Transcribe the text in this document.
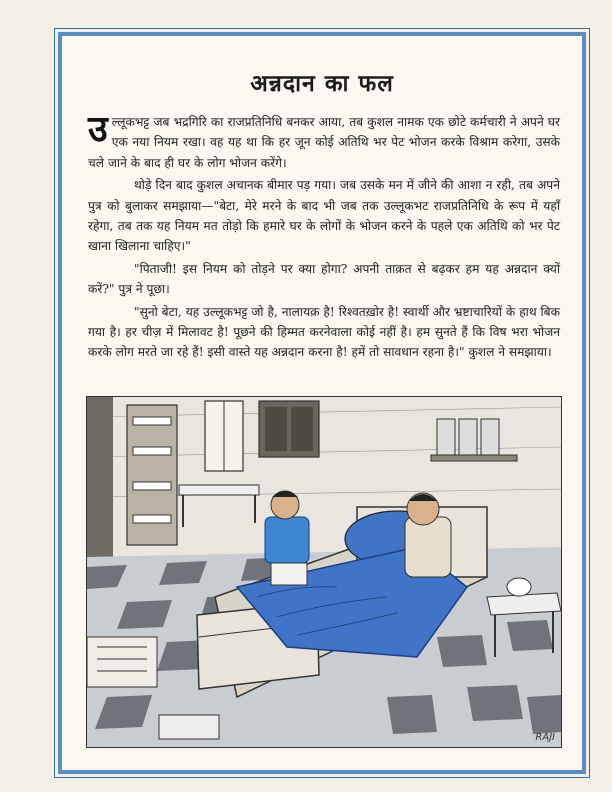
अन्नदान का फल

उल्लूकभट्ट जब भद्रगिरि का राजप्रतिनिधि बनकर आया, तब कुशल नामक एक छोटे कर्मचारी ने अपने घर एक नया नियम रखा। वह यह था कि हर जून कोई अतिथि भर पेट भोजन करके विश्राम करेगा, उसके चले जाने के बाद ही घर के लोग भोजन करेंगे।

थोड़े दिन बाद कुशल अचानक बीमार पड़ गया। जब उसके मन में जीने की आशा न रही, तब अपने पुत्र को बुलाकर समझाया—"बेटा, मेरे मरने के बाद भी जब तक उल्लूकभट राजप्रतिनिधि के रूप में यहाँ रहेगा, तब तक यह नियम मत तोड़ो कि हमारे घर के लोगों के भोजन करने के पहले एक अतिथि को भर पेट खाना खिलाना चाहिए।"

"पिताजी! इस नियम को तोड़ने पर क्या होगा? अपनी ताक़त से बढ़कर हम यह अन्नदान क्यों करें?" पुत्र ने पूछा।

"सुनो बेटा, यह उल्लूकभट्ट जो है, नालायक़ है! रिश्वतख़ोर है! स्वार्थी और भ्रष्टाचारियों के हाथ बिक गया है। हर चीज़ में मिलावट है! पूछने की हिम्मत करनेवाला कोई नहीं है। हम सुनते हैं कि विष भरा भोजन करके लोग मरते जा रहे हैं! इसी वास्ते यह अन्नदान करना है! हमें तो सावधान रहना है।" कुशल ने समझाया।

RAJI
